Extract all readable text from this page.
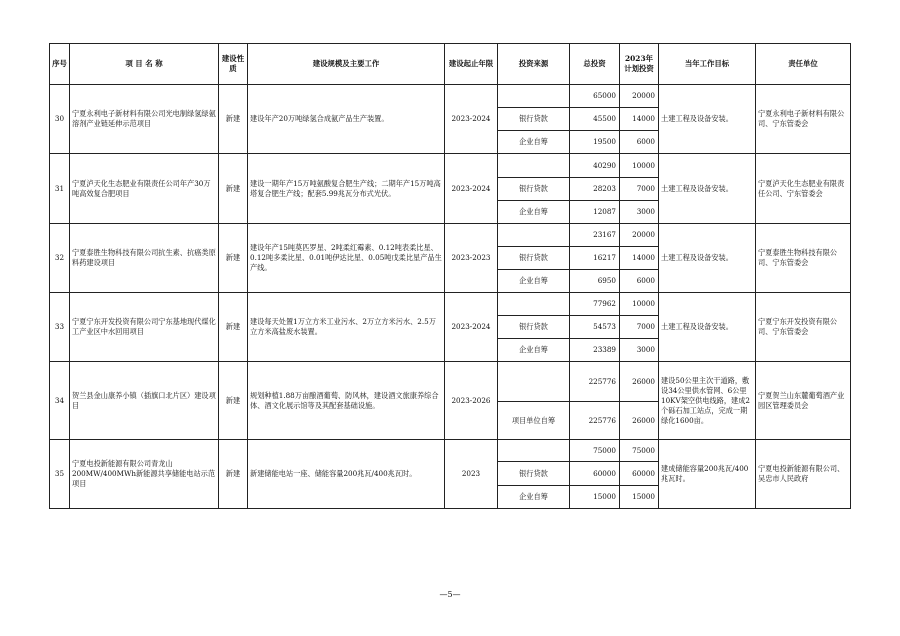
序号	项 目 名 称	建设性质	建设规模及主要工作	建设起止年限	投资来源	总投资	2023年计划投资	当年工作目标	责任单位
30	宁夏永利电子新材料有限公司光电制绿氢绿氨溶剂产业链延伸示范项目	新建	建设年产20万吨绿氢合成氨产品生产装置。	2023-2024		65000	20000	土建工程及设备安装。	宁夏永利电子新材料有限公司、宁东管委会
					银行贷款	45500	14000		
					企业自筹	19500	6000		
31	宁夏泸天化生态肥业有限责任公司年产30万吨高效复合肥项目	新建	建设一期年产15万吨氨酸复合肥生产线；二期年产15万吨高塔复合肥生产线；配套5.99兆瓦分布式光伏。	2023-2024		40290	10000	土建工程及设备安装。	宁夏泸天化生态肥业有限责任公司、宁东管委会
					银行贷款	28203	7000		
					企业自筹	12087	3000		
32	宁夏泰胜生物科技有限公司抗生素、抗癌类原料药建设项目	新建	建设年产15吨莫匹罗星、2吨柔红霉素、0.12吨表柔比星、0.12吨多柔比星、0.01吨伊达比星、0.05吨戊柔比星产品生产线。	2023-2023		23167	20000	土建工程及设备安装。	宁夏泰胜生物科技有限公司、宁东管委会
					银行贷款	16217	14000		
					企业自筹	6950	6000		
33	宁夏宁东开发投资有限公司宁东基地现代煤化工产业区中水回用项目	新建	建设每天处置1万立方米工业污水、2万立方米污水、2.5万立方米高盐废水装置。	2023-2024		77962	10000	土建工程及设备安装。	宁夏宁东开发投资有限公司、宁东管委会
					银行贷款	54573	7000		
					企业自筹	23389	3000		
34	贺兰县金山康养小镇（插旗口北片区）建设项目	新建	规划种植1.88万亩酿酒葡萄、防风林，建设酒文旅康养综合体、酒文化展示馆等及其配套基础设施。	2023-2026		225776	26000	建设50公里主次干道路，敷设34公里供水管网、6公里10KV架空供电线路，建成2个砾石加工站点，完成一期绿化1600亩。	宁夏贺兰山东麓葡萄酒产业园区管理委员会
					项目单位自筹	225776	26000		
35	宁夏电投新能源有限公司青龙山200MW/400MWh新能源共享储能电站示范项目	新建	新建储能电站一座、储能容量200兆瓦/400兆瓦时。	2023		75000	75000	建成储能容量200兆瓦/400兆瓦时。	宁夏电投新能源有限公司、吴忠市人民政府
					银行贷款	60000	60000		
					企业自筹	15000	15000		
—5—
